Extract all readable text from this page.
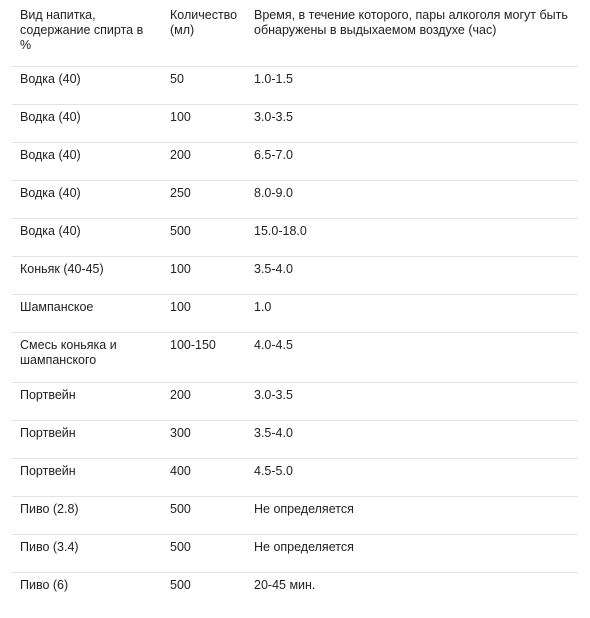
Вид напитка, содержание спирта в %	Количество (мл)	Время, в течение которого, пары алкоголя могут быть обнаружены в выдыхаемом воздухе (час)
Водка (40)	50	1.0-1.5
Водка (40)	100	3.0-3.5
Водка (40)	200	6.5-7.0
Водка (40)	250	8.0-9.0
Водка (40)	500	15.0-18.0
Коньяк (40-45)	100	3.5-4.0
Шампанское	100	1.0
Смесь коньяка и шампанского	100-150	4.0-4.5
Портвейн	200	3.0-3.5
Портвейн	300	3.5-4.0
Портвейн	400	4.5-5.0
Пиво (2.8)	500	Не определяется
Пиво (3.4)	500	Не определяется
Пиво (6)	500	20-45 мин.
